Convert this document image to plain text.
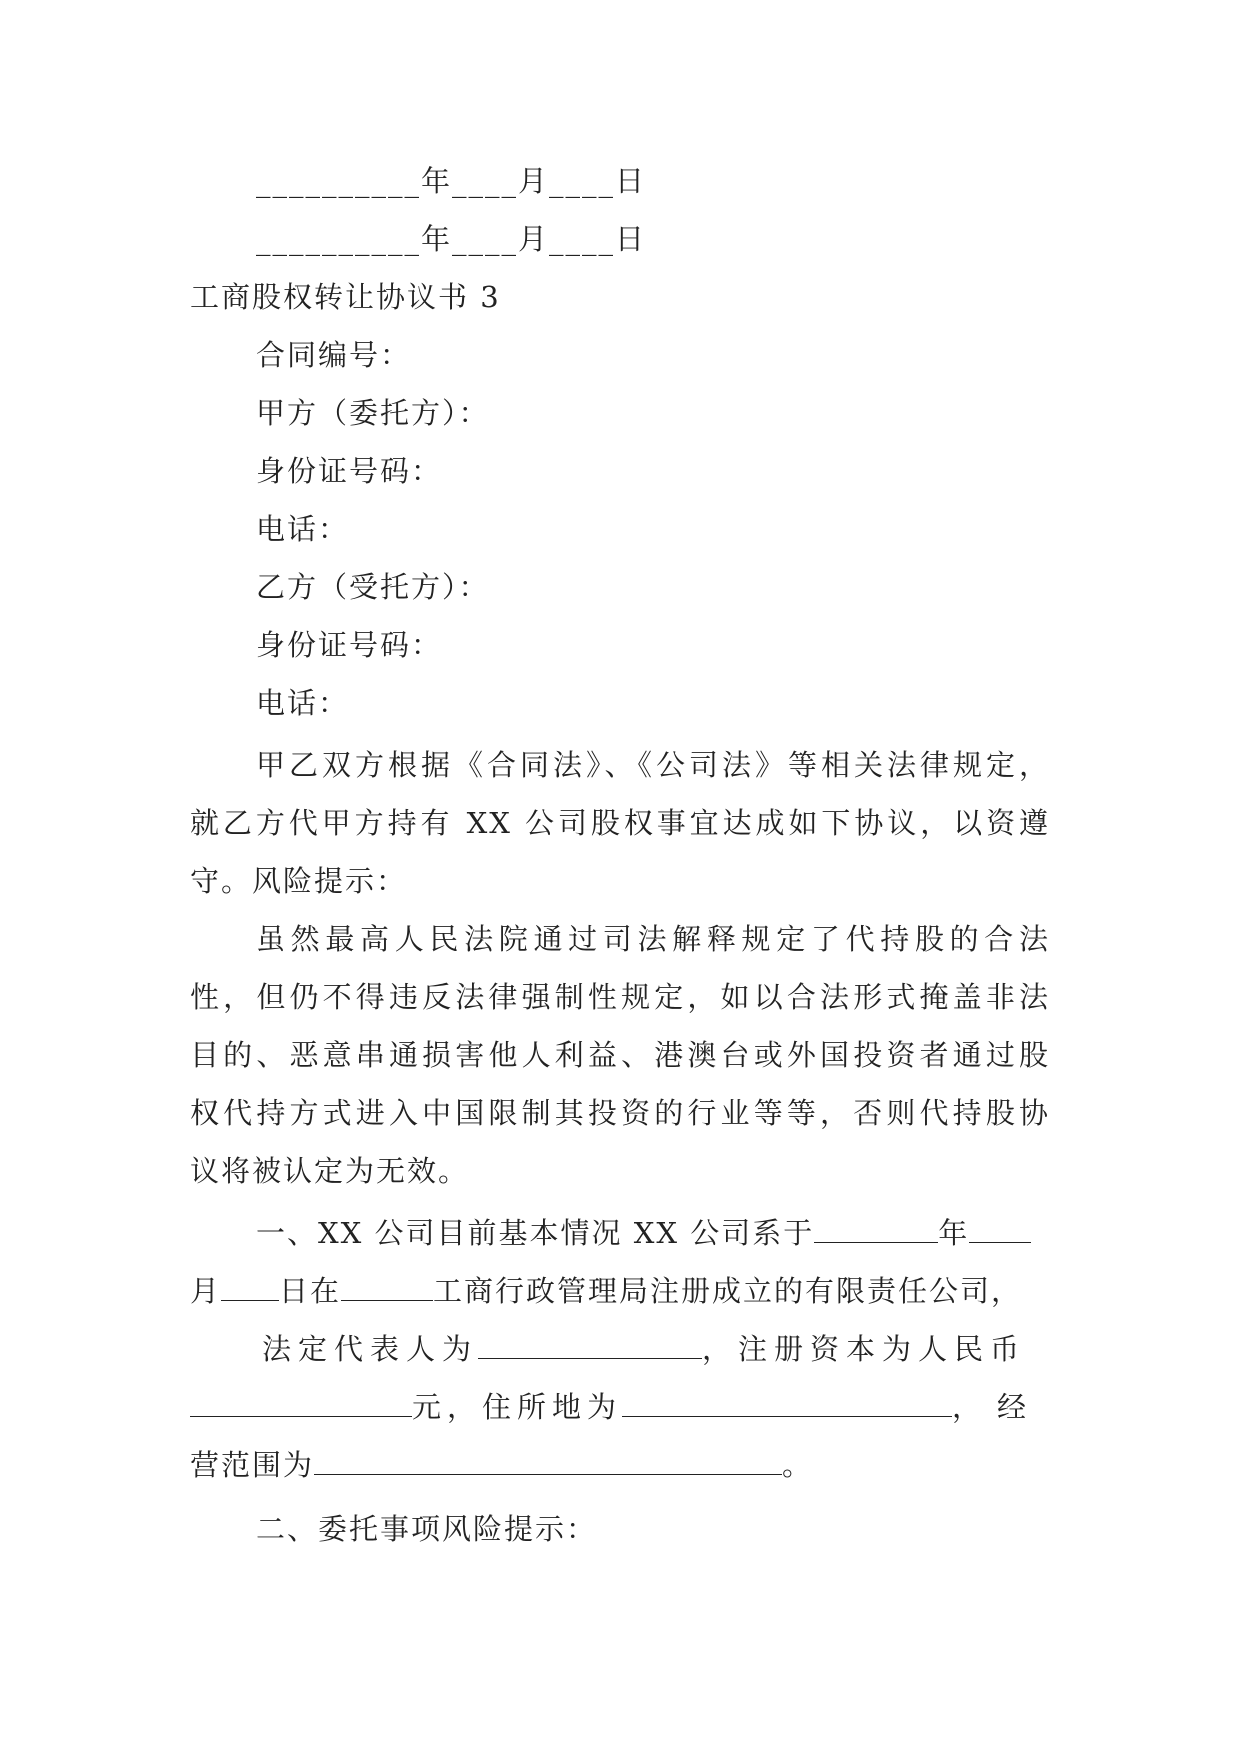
__________年____月____日
__________年____月____日
工商股权转让协议书 3
合同编号：
甲方（委托方）：
身份证号码：
电话：
乙方（受托方）：
身份证号码：
电话：
甲乙双方根据《合同法》、《公司法》等相关法律规定，
就乙方代甲方持有 XX 公司股权事宜达成如下协议，以资遵
守。风险提示：
虽然最高人民法院通过司法解释规定了代持股的合法
性，但仍不得违反法律强制性规定，如以合法形式掩盖非法
目的、恶意串通损害他人利益、港澳台或外国投资者通过股
权代持方式进入中国限制其投资的行业等等，否则代持股协
议将被认定为无效。
一、XX 公司目前基本情况 XX 公司系于	年
月 日在	工商行政管理局注册成立的有限责任公司，
法定代表人为	，注册资本为人民币
元，住所地为	，经
营范围为	。
二、委托事项风险提示：
